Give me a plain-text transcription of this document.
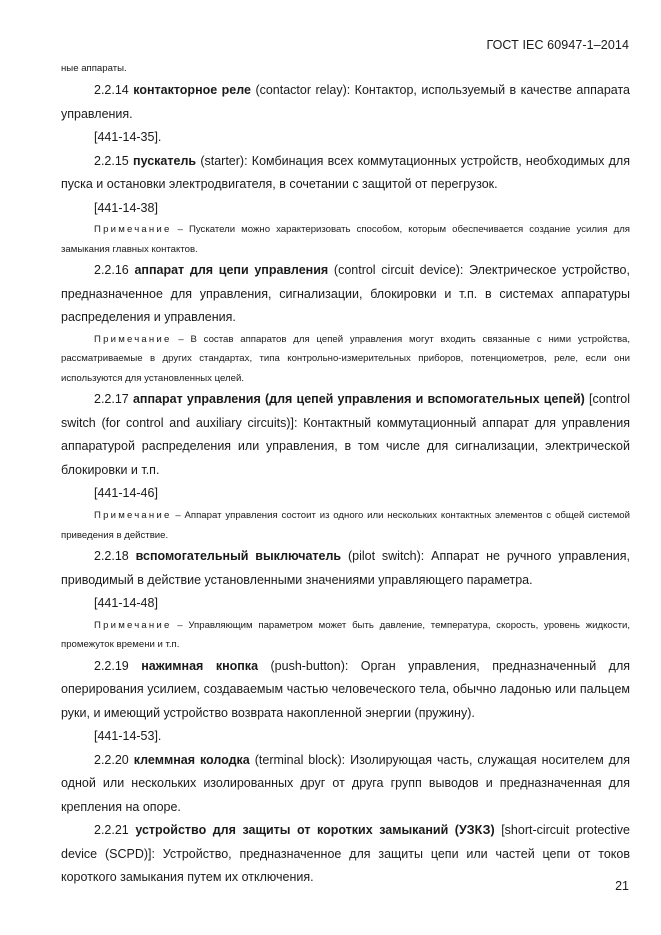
ГОСТ IEC 60947-1–2014

ные аппараты.

2.2.14 контакторное реле (contactor relay): Контактор, используемый в качестве аппарата управления.

[441-14-35].

2.2.15 пускатель (starter): Комбинация всех коммутационных устройств, необходимых для пуска и остановки электродвигателя, в сочетании с защитой от перегрузок.

[441-14-38]

Примечание – Пускатели можно характеризовать способом, которым обеспечивается создание усилия для замыкания главных контактов.

2.2.16 аппарат для цепи управления (control circuit device): Электрическое устройство, предназначенное для управления, сигнализации, блокировки и т.п. в системах аппаратуры распределения и управления.

Примечание – В состав аппаратов для цепей управления могут входить связанные с ними устройства, рассматриваемые в других стандартах, типа контрольно-измерительных приборов, потенциометров, реле, если они используются для установленных целей.

2.2.17 аппарат управления (для цепей управления и вспомогательных цепей) [control switch (for control and auxiliary circuits)]: Контактный коммутационный аппарат для управления аппаратурой распределения или управления, в том числе для сигнализации, электрической блокировки и т.п.

[441-14-46]

Примечание – Аппарат управления состоит из одного или нескольких контактных элементов с общей системой приведения в действие.

2.2.18 вспомогательный выключатель (pilot switch): Аппарат не ручного управления, приводимый в действие установленными значениями управляющего параметра.

[441-14-48]

Примечание – Управляющим параметром может быть давление, температура, скорость, уровень жидкости, промежуток времени и т.п.

2.2.19 нажимная кнопка (push-button): Орган управления, предназначенный для оперирования усилием, создаваемым частью человеческого тела, обычно ладонью или пальцем руки, и имеющий устройство возврата накопленной энергии (пружину).

[441-14-53].

2.2.20 клеммная колодка (terminal block): Изолирующая часть, служащая носителем для одной или нескольких изолированных друг от друга групп выводов и предназначенная для крепления на опоре.

2.2.21 устройство для защиты от коротких замыканий (УЗКЗ) [short-circuit protective device (SCPD)]: Устройство, предназначенное для защиты цепи или частей цепи от токов короткого замыкания путем их отключения.

21
